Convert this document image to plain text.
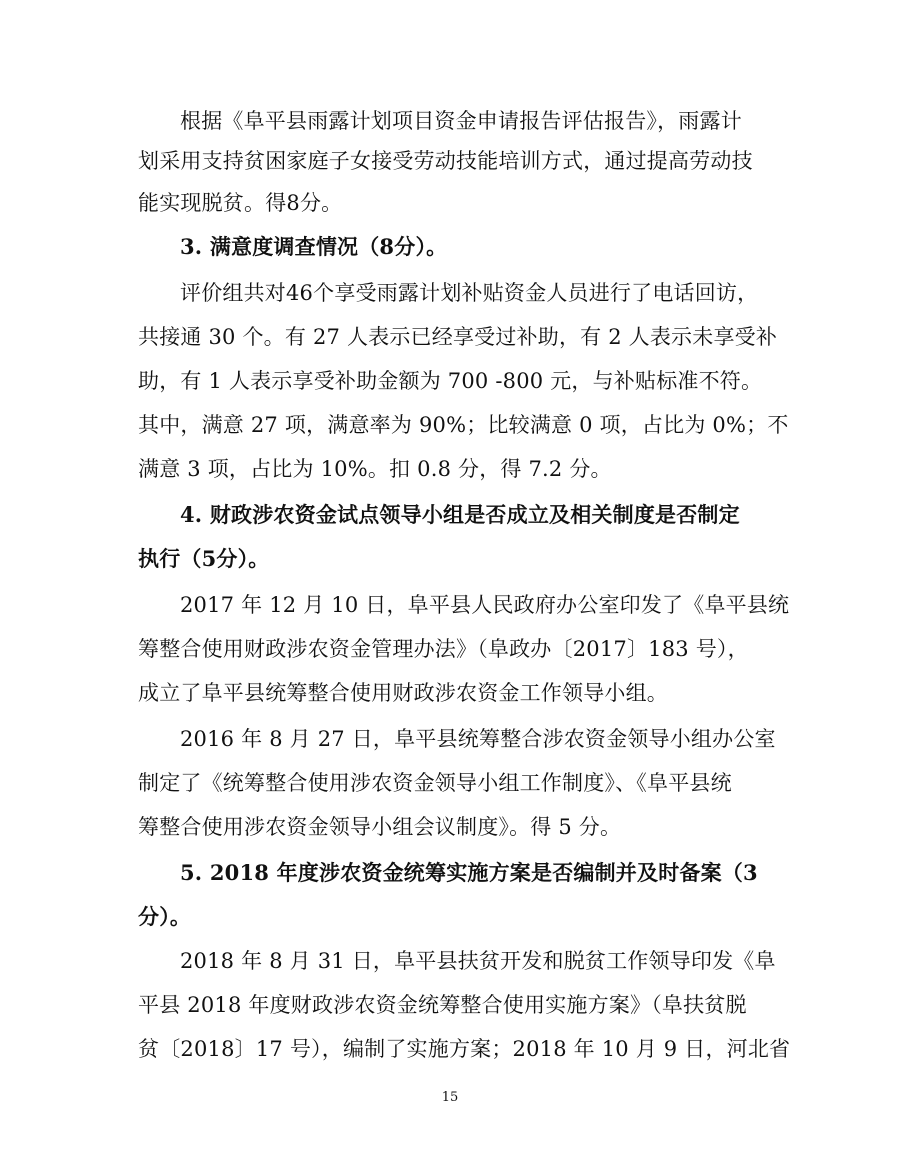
根据《阜平县雨露计划项目资金申请报告评估报告》，雨露计
划采用支持贫困家庭子女接受劳动技能培训方式，通过提高劳动技
能实现脱贫。得8分。
3. 满意度调查情况（8分）。
评价组共对46个享受雨露计划补贴资金人员进行了电话回访，
共接通 30 个。有 27 人表示已经享受过补助，有 2 人表示未享受补
助，有 1 人表示享受补助金额为 700 -800 元，与补贴标准不符。
其中，满意 27 项，满意率为 90%；比较满意 0 项，占比为 0%；不
满意 3 项，占比为 10%。扣 0.8 分，得 7.2 分。
4. 财政涉农资金试点领导小组是否成立及相关制度是否制定
执行（5分）。
2017 年 12 月 10 日，阜平县人民政府办公室印发了《阜平县统
筹整合使用财政涉农资金管理办法》（阜政办〔2017〕183 号），
成立了阜平县统筹整合使用财政涉农资金工作领导小组。
2016 年 8 月 27 日，阜平县统筹整合涉农资金领导小组办公室
制定了《统筹整合使用涉农资金领导小组工作制度》、《阜平县统
筹整合使用涉农资金领导小组会议制度》。得 5 分。
5. 2018 年度涉农资金统筹实施方案是否编制并及时备案（3
分）。
2018 年 8 月 31 日，阜平县扶贫开发和脱贫工作领导印发《阜
平县 2018 年度财政涉农资金统筹整合使用实施方案》（阜扶贫脱
贫〔2018〕17 号），编制了实施方案；2018 年 10 月 9 日，河北省
15
